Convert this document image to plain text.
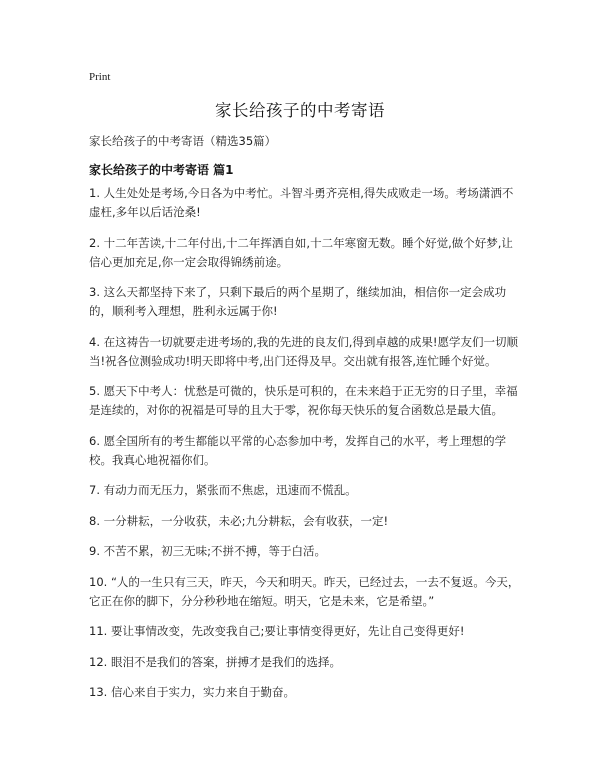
Print
家长给孩子的中考寄语
家长给孩子的中考寄语（精选35篇）
家长给孩子的中考寄语 篇1
1. 人生处处是考场,今日各为中考忙。斗智斗勇齐亮相,得失成败走一场。考场潇洒不虚枉,多年以后话沧桑!
2. 十二年苦读,十二年付出,十二年挥洒自如,十二年寒窗无数。睡个好觉,做个好梦,让信心更加充足,你一定会取得锦绣前途。
3. 这么天都坚持下来了，只剩下最后的两个星期了，继续加油，相信你一定会成功的，顺利考入理想，胜利永远属于你!
4. 在这祷告一切就要走进考场的,我的先进的良友们,得到卓越的成果!愿学友们一切顺当!祝各位测验成功!明天即将中考,出门还得及早。交出就有报答,连忙睡个好觉。
5. 愿天下中考人：忧愁是可微的，快乐是可积的，在未来趋于正无穷的日子里，幸福是连续的，对你的祝福是可导的且大于零，祝你每天快乐的复合函数总是最大值。
6. 愿全国所有的考生都能以平常的心态参加中考，发挥自己的水平，考上理想的学校。我真心地祝福你们。
7. 有动力而无压力，紧张而不焦虑，迅速而不慌乱。
8. 一分耕耘，一分收获，未必;九分耕耘，会有收获，一定!
9. 不苦不累，初三无味;不拼不搏，等于白活。
10. “人的一生只有三天，昨天，今天和明天。昨天，已经过去，一去不复返。今天，它正在你的脚下，分分秒秒地在缩短。明天，它是未来，它是希望。”
11. 要让事情改变，先改变我自己;要让事情变得更好，先让自己变得更好!
12. 眼泪不是我们的答案，拼搏才是我们的选择。
13. 信心来自于实力，实力来自于勤奋。
